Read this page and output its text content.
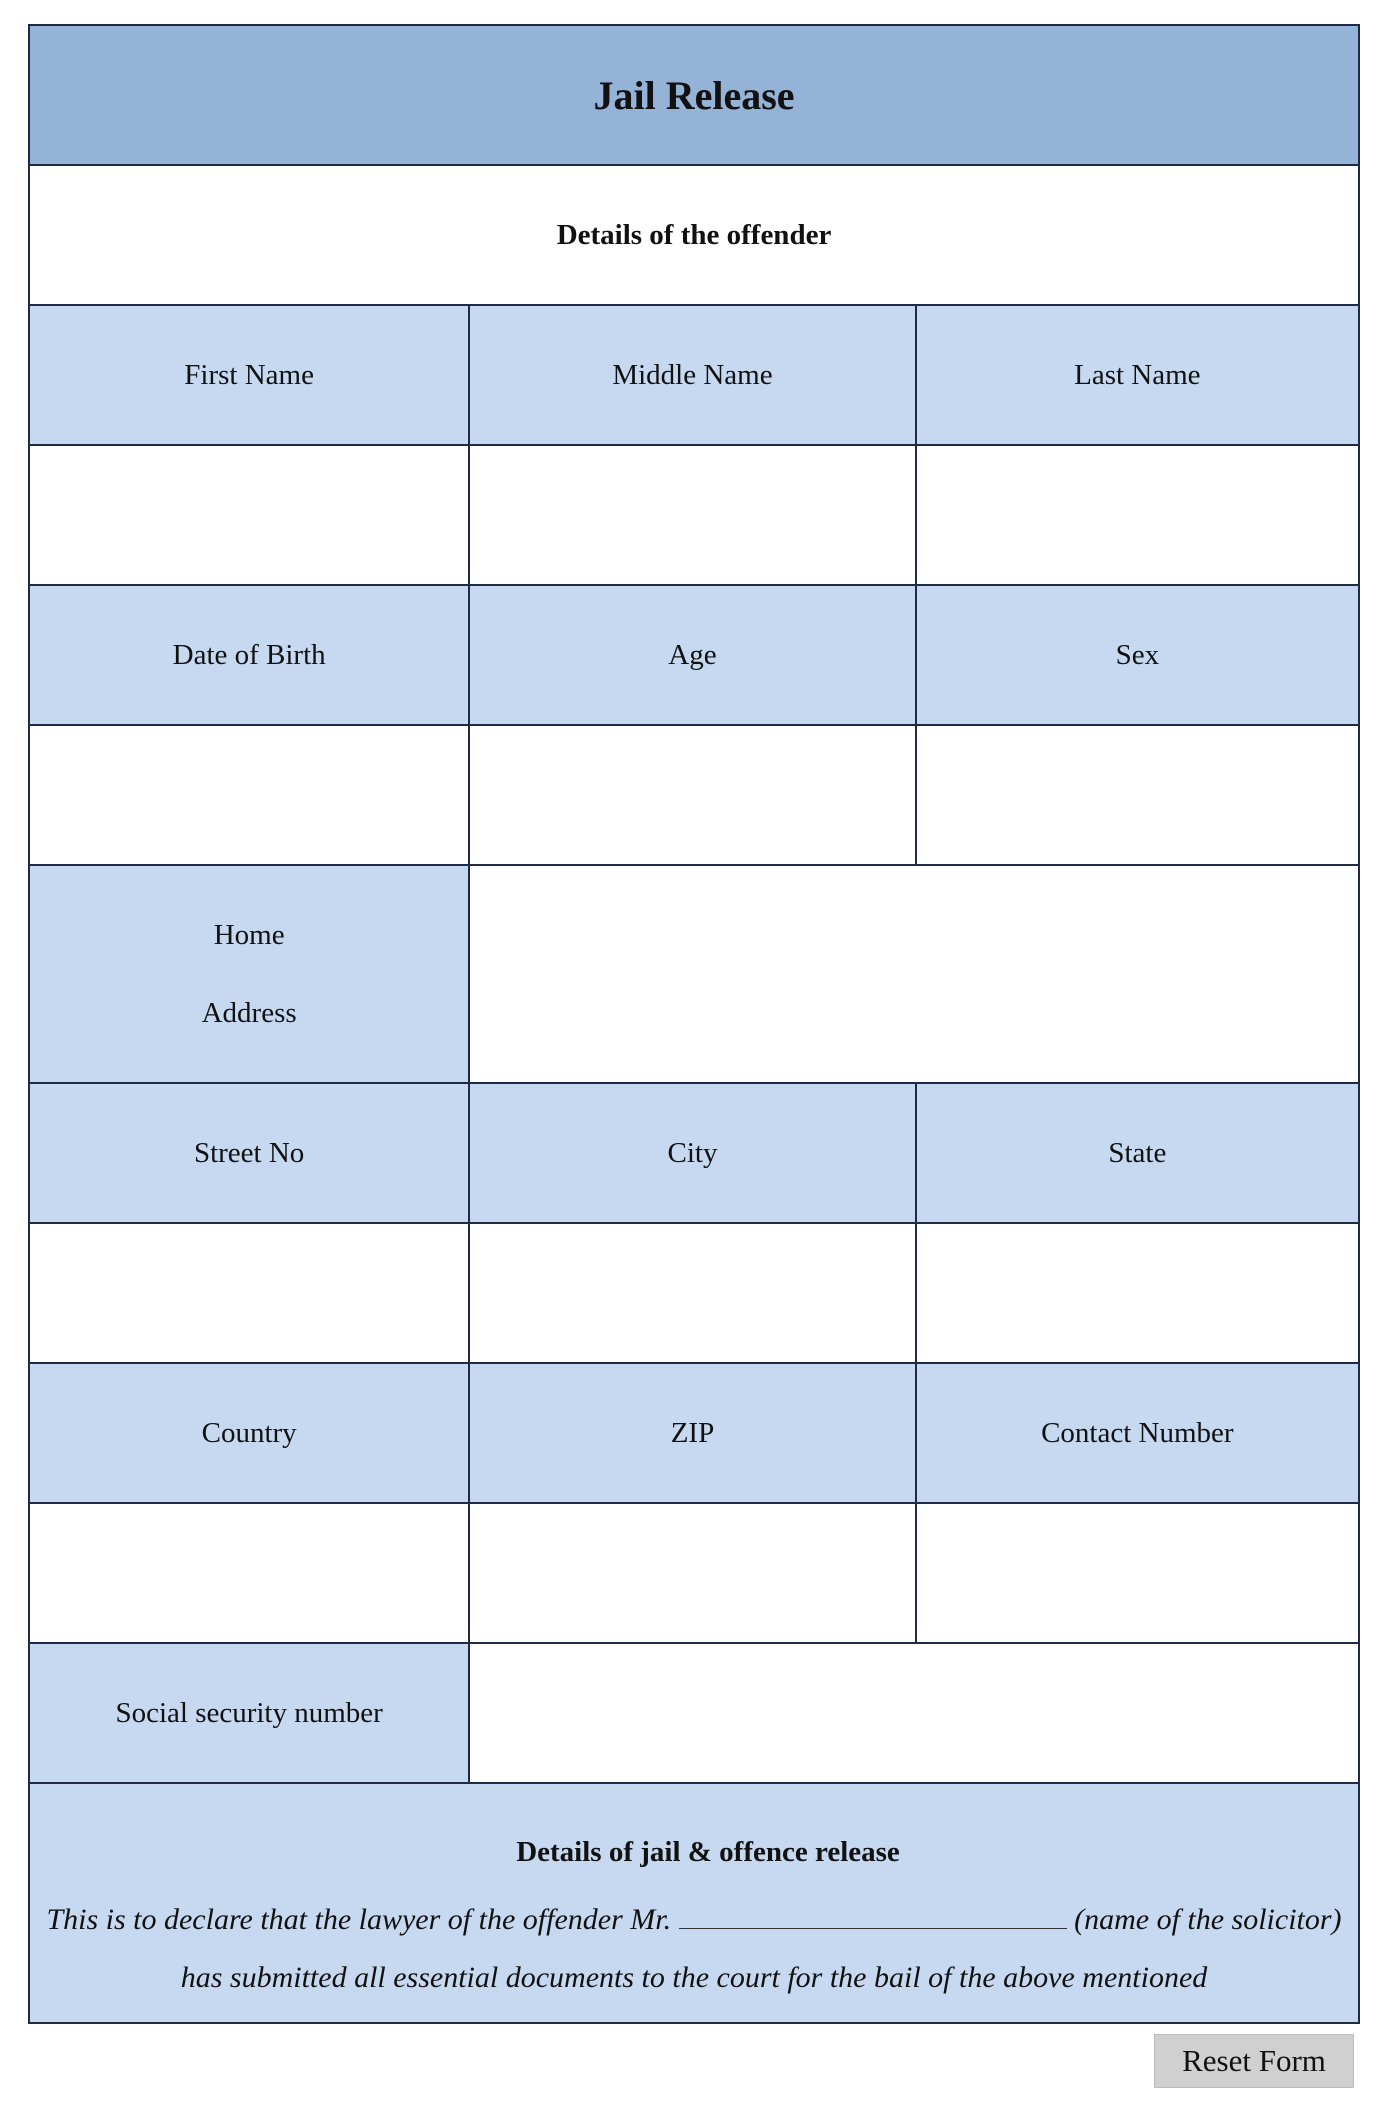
Jail Release		
Details of the offender		
First Name	Middle Name	Last Name

Date of Birth	Age	Sex

Home
Address

Street No	City	State

Country	ZIP	Contact Number

Social security number	

Details of jail & offence release

This is to declare that the lawyer of the offender Mr. (name of the solicitor) has submitted all essential documents to the court for the bail of the above mentioned		

Reset Form
